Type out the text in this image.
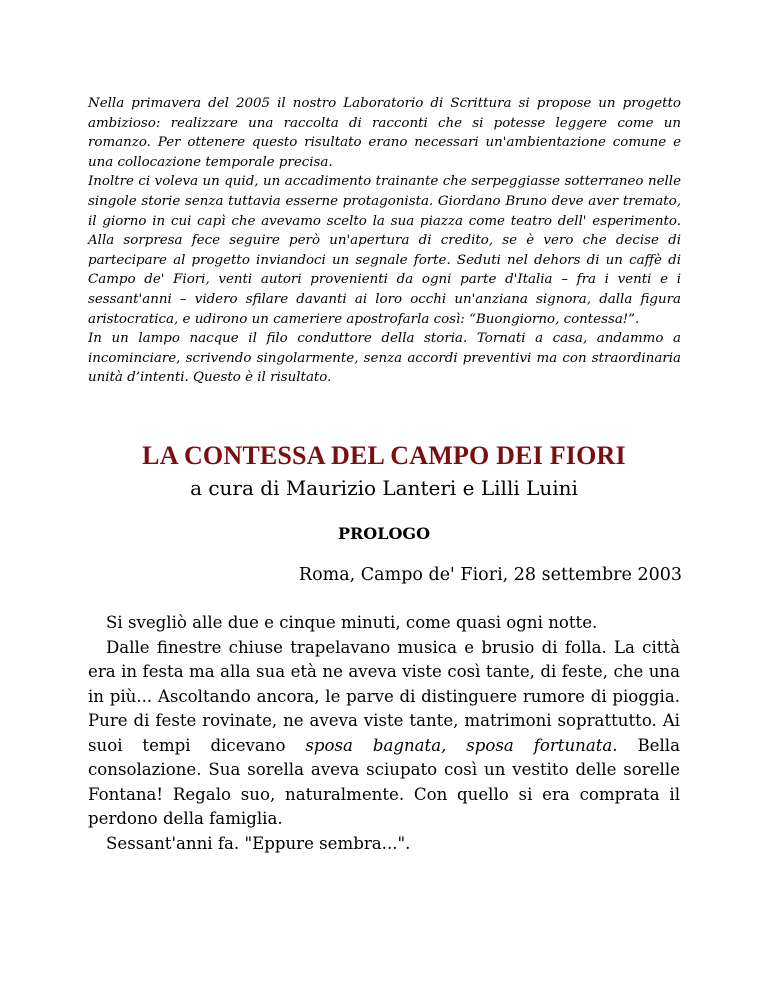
Nella primavera del 2005 il nostro Laboratorio di Scrittura si propose un progetto ambizioso: realizzare una raccolta di racconti che si potesse leggere come un romanzo. Per ottenere questo risultato erano necessari un'ambientazione comune e una collocazione temporale precisa.

Inoltre ci voleva un quid, un accadimento trainante che serpeggiasse sotterraneo nelle singole storie senza tuttavia esserne protagonista. Giordano Bruno deve aver tremato, il giorno in cui capì che avevamo scelto la sua piazza come teatro dell' esperimento. Alla sorpresa fece seguire però un'apertura di credito, se è vero che decise di partecipare al progetto inviandoci un segnale forte. Seduti nel dehors di un caffè di Campo de' Fiori, venti autori provenienti da ogni parte d'Italia – fra i venti e i sessant'anni – videro sfilare davanti ai loro occhi un'anziana signora, dalla figura aristocratica, e udirono un cameriere apostrofarla così: “Buongiorno, contessa!”.

In un lampo nacque il filo conduttore della storia. Tornati a casa, andammo a incominciare, scrivendo singolarmente, senza accordi preventivi ma con straordinaria unità d’intenti. Questo è il risultato.

LA CONTESSA DEL CAMPO DEI FIORI

a cura di Maurizio Lanteri e Lilli Luini

PROLOGO

Roma, Campo de' Fiori, 28 settembre 2003

Si svegliò alle due e cinque minuti, come quasi ogni notte.

Dalle finestre chiuse trapelavano musica e brusio di folla. La città era in festa ma alla sua età ne aveva viste così tante, di feste, che una in più... Ascoltando ancora, le parve di distinguere rumore di pioggia. Pure di feste rovinate, ne aveva viste tante, matrimoni soprattutto. Ai suoi tempi dicevano sposa bagnata, sposa fortunata. Bella consolazione. Sua sorella aveva sciupato così un vestito delle sorelle Fontana! Regalo suo, naturalmente. Con quello si era comprata il perdono della famiglia.

Sessant'anni fa. "Eppure sembra...".
